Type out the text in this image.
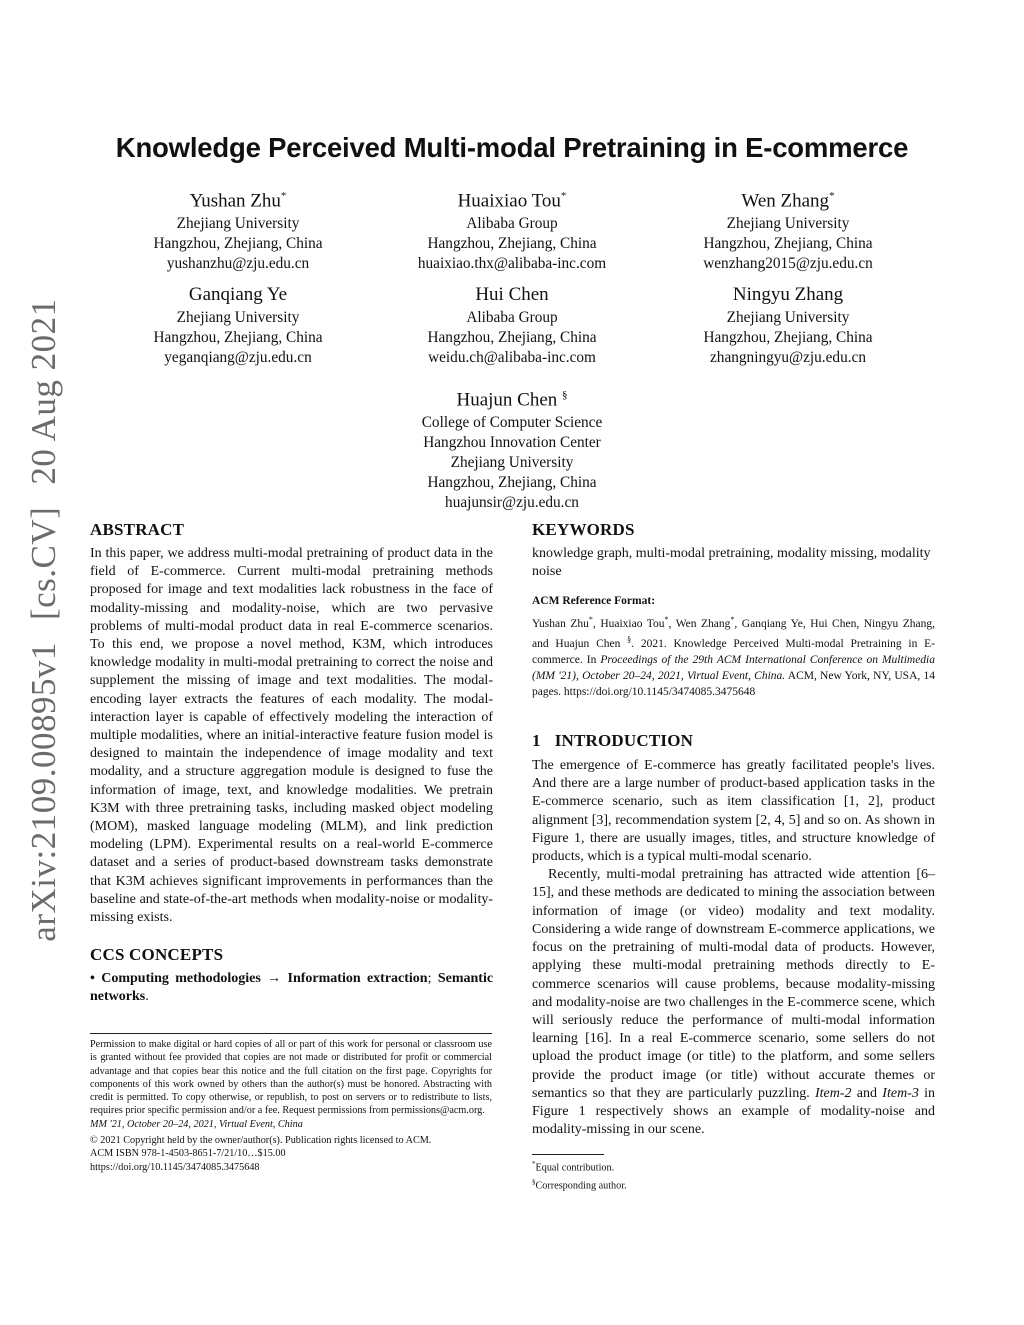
arXiv:2109.00895v1[cs.CV]20 Aug 2021
Knowledge Perceived Multi-modal Pretraining in E-commerce
Yushan Zhu*
Zhejiang University
Hangzhou, Zhejiang, China
yushanzhu@zju.edu.cn
Huaixiao Tou*
Alibaba Group
Hangzhou, Zhejiang, China
huaixiao.thx@alibaba-inc.com
Wen Zhang*
Zhejiang University
Hangzhou, Zhejiang, China
wenzhang2015@zju.edu.cn
Ganqiang Ye
Zhejiang University
Hangzhou, Zhejiang, China
yeganqiang@zju.edu.cn
Hui Chen
Alibaba Group
Hangzhou, Zhejiang, China
weidu.ch@alibaba-inc.com
Ningyu Zhang
Zhejiang University
Hangzhou, Zhejiang, China
zhangningyu@zju.edu.cn
Huajun Chen §
College of Computer Science
Hangzhou Innovation Center
Zhejiang University
Hangzhou, Zhejiang, China
huajunsir@zju.edu.cn
ABSTRACT

In this paper, we address multi-modal pretraining of product data in the field of E-commerce. Current multi-modal pretraining methods proposed for image and text modalities lack robustness in the face of modality-missing and modality-noise, which are two pervasive problems of multi-modal product data in real E-commerce scenarios. To this end, we propose a novel method, K3M, which introduces knowledge modality in multi-modal pretraining to correct the noise and supplement the missing of image and text modalities. The modal-encoding layer extracts the features of each modality. The modal-interaction layer is capable of effectively modeling the interaction of multiple modalities, where an initial-interactive feature fusion model is designed to maintain the independence of image modality and text modality, and a structure aggregation module is designed to fuse the information of image, text, and knowledge modalities. We pretrain K3M with three pretraining tasks, including masked object modeling (MOM), masked language modeling (MLM), and link prediction modeling (LPM). Experimental results on a real-world E-commerce dataset and a series of product-based downstream tasks demonstrate that K3M achieves significant improvements in performances than the baseline and state-of-the-art methods when modality-noise or modality-missing exists.

CCS CONCEPTS

• Computing methodologies → Information extraction; Semantic networks.

Permission to make digital or hard copies of all or part of this work for personal or classroom use is granted without fee provided that copies are not made or distributed for profit or commercial advantage and that copies bear this notice and the full citation on the first page. Copyrights for components of this work owned by others than the author(s) must be honored. Abstracting with credit is permitted. To copy otherwise, or republish, to post on servers or to redistribute to lists, requires prior specific permission and/or a fee. Request permissions from permissions@acm.org.
MM '21, October 20–24, 2021, Virtual Event, China
© 2021 Copyright held by the owner/author(s). Publication rights licensed to ACM.
ACM ISBN 978-1-4503-8651-7/21/10…$15.00
https://doi.org/10.1145/3474085.3475648
KEYWORDS

knowledge graph, multi-modal pretraining, modality missing, modality noise

ACM Reference Format:
Yushan Zhu*, Huaixiao Tou*, Wen Zhang*, Ganqiang Ye, Hui Chen, Ningyu Zhang, and Huajun Chen §. 2021. Knowledge Perceived Multi-modal Pretraining in E-commerce. In Proceedings of the 29th ACM International Conference on Multimedia (MM '21), October 20–24, 2021, Virtual Event, China. ACM, New York, NY, USA, 14 pages. https://doi.org/10.1145/3474085.3475648
1 INTRODUCTION

The emergence of E-commerce has greatly facilitated people's lives. And there are a large number of product-based application tasks in the E-commerce scenario, such as item classification [1, 2], product alignment [3], recommendation system [2, 4, 5] and so on. As shown in Figure 1, there are usually images, titles, and structure knowledge of products, which is a typical multi-modal scenario.

Recently, multi-modal pretraining has attracted wide attention [6–15], and these methods are dedicated to mining the association between information of image (or video) modality and text modality. Considering a wide range of downstream E-commerce applications, we focus on the pretraining of multi-modal data of products. However, applying these multi-modal pretraining methods directly to E-commerce scenarios will cause problems, because modality-missing and modality-noise are two challenges in the E-commerce scene, which will seriously reduce the performance of multi-modal information learning [16]. In a real E-commerce scenario, some sellers do not upload the product image (or title) to the platform, and some sellers provide the product image (or title) without accurate themes or semantics so that they are particularly puzzling. Item-2 and Item-3 in Figure 1 respectively shows an example of modality-noise and modality-missing in our scene.

*Equal contribution.
§Corresponding author.
